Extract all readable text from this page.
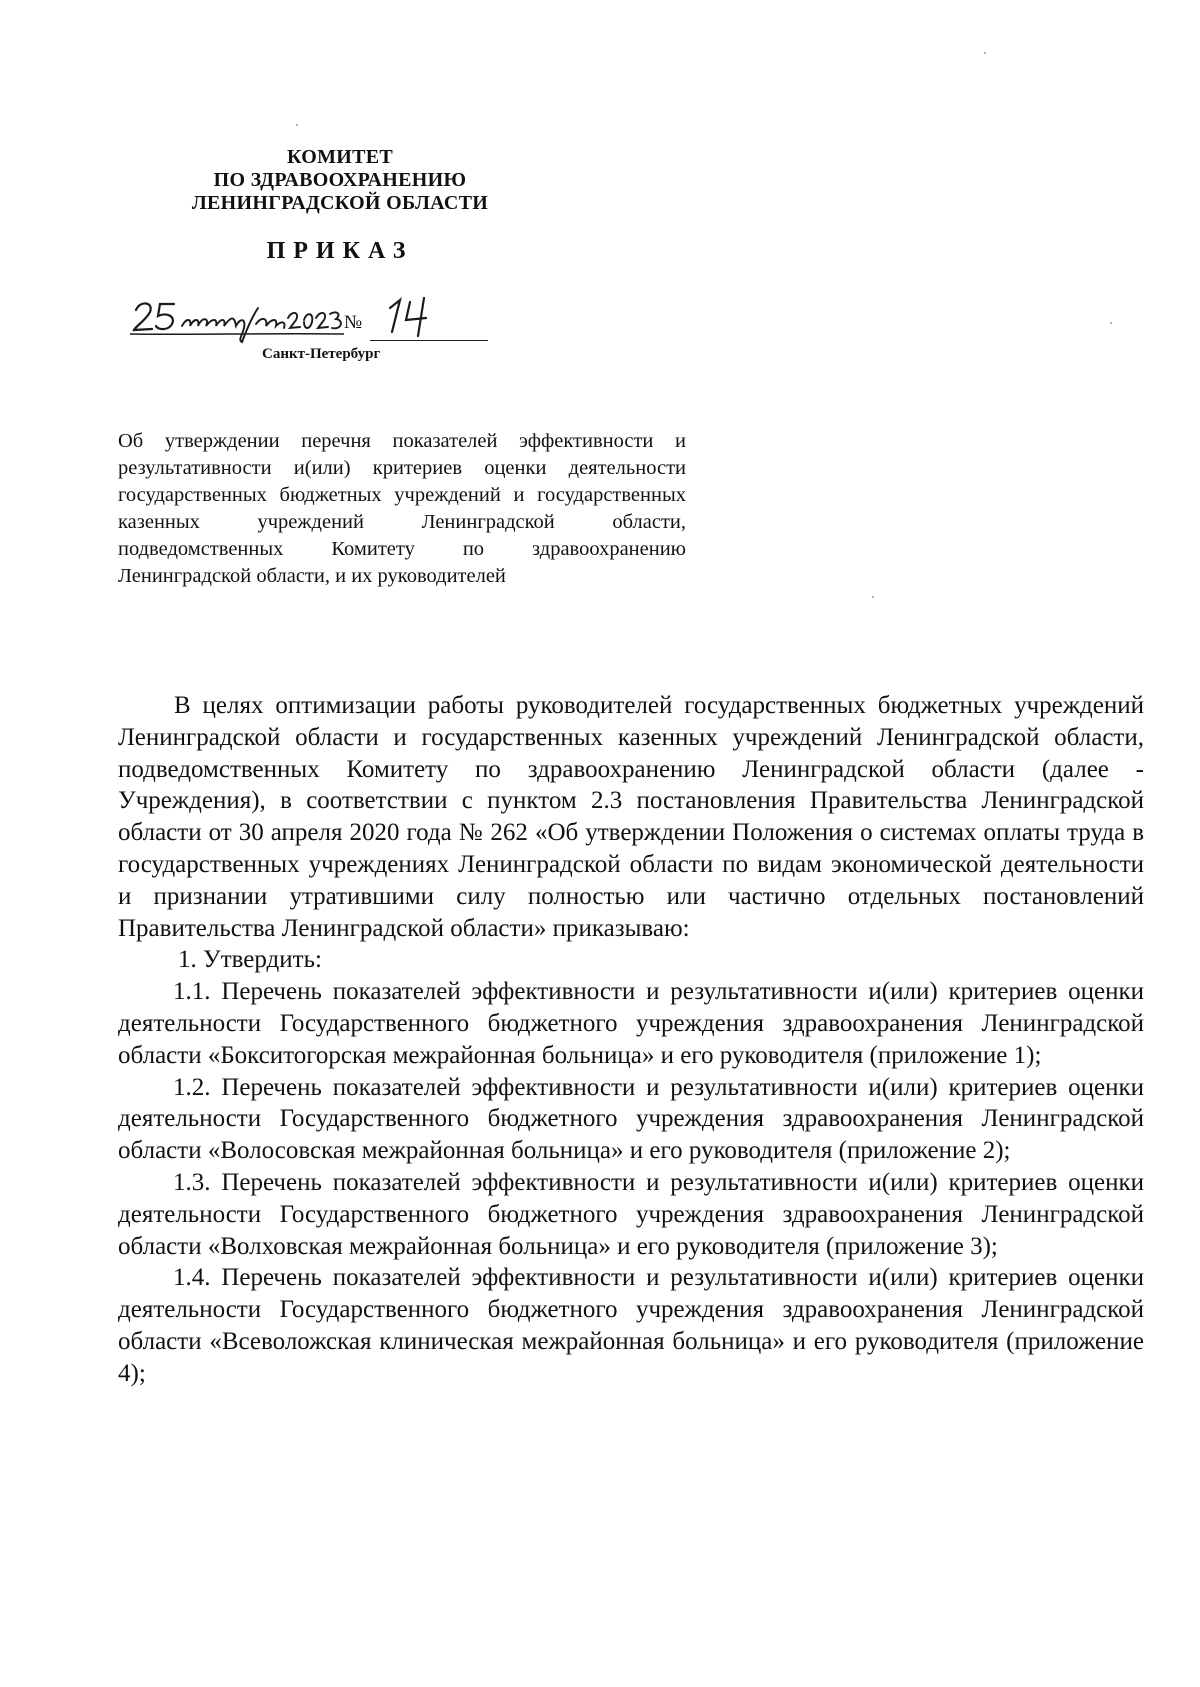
КОМИТЕТ
ПО ЗДРАВООХРАНЕНИЮ
ЛЕНИНГРАДСКОЙ ОБЛАСТИ
ПРИКАЗ
№
Санкт-Петербург
Об утверждении перечня показателей эффективности и результативности и(или) критериев оценки деятельности государственных бюджетных учреждений и государственных казенных учреждений Ленинградской области, подведомственных Комитету по здравоохранению Ленинградской области, и их руководителей

В целях оптимизации работы руководителей государственных бюджетных учреждений Ленинградской области и государственных казенных учреждений Ленинградской области, подведомственных Комитету по здравоохранению Ленинградской области (далее - Учреждения), в соответствии с пунктом 2.3 постановления Правительства Ленинградской области от 30 апреля 2020 года № 262 «Об утверждении Положения о системах оплаты труда в государственных учреждениях Ленинградской области по видам экономической деятельности и признании утратившими силу полностью или частично отдельных постановлений Правительства Ленинградской области» приказываю:

1. Утвердить:

1.1. Перечень показателей эффективности и результативности и(или) критериев оценки деятельности Государственного бюджетного учреждения здравоохранения Ленинградской области «Бокситогорская межрайонная больница» и его руководителя (приложение 1);

1.2. Перечень показателей эффективности и результативности и(или) критериев оценки деятельности Государственного бюджетного учреждения здравоохранения Ленинградской области «Волосовская межрайонная больница» и его руководителя (приложение 2);

1.3. Перечень показателей эффективности и результативности и(или) критериев оценки деятельности Государственного бюджетного учреждения здравоохранения Ленинградской области «Волховская межрайонная больница» и его руководителя (приложение 3);

1.4. Перечень показателей эффективности и результативности и(или) критериев оценки деятельности Государственного бюджетного учреждения здравоохранения Ленинградской области «Всеволожская клиническая межрайонная больница» и его руководителя (приложение 4);
